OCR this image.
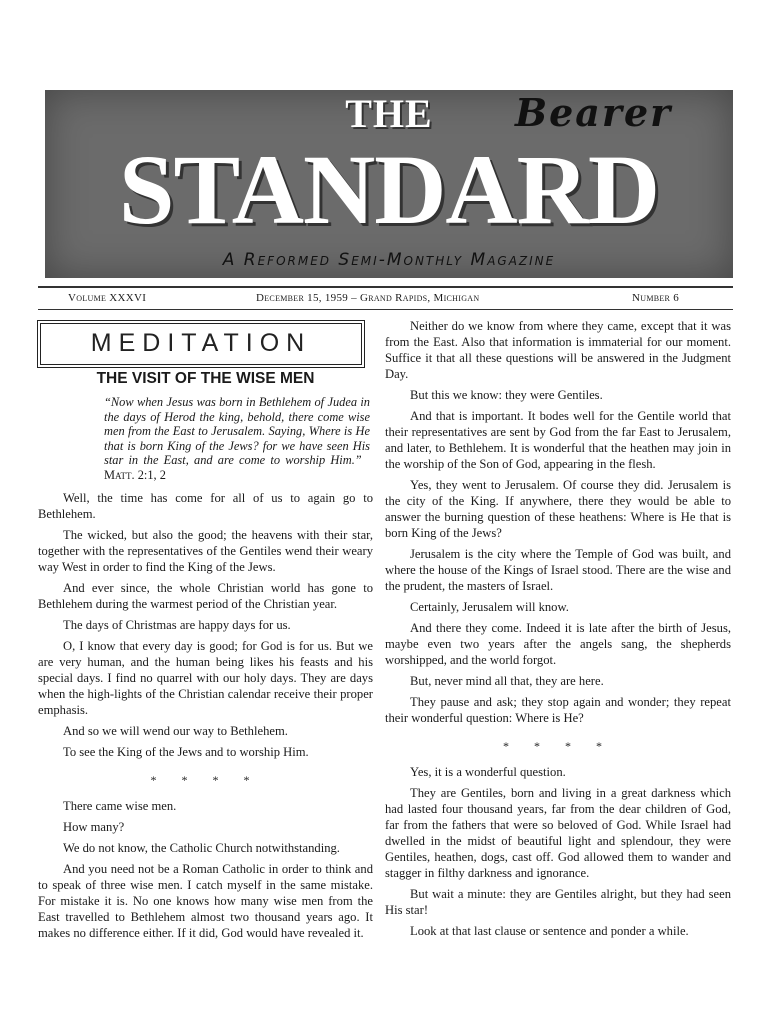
THE	Bearer
STANDARD
A Reformed Semi-Monthly Magazine
Volume XXXVI	December 15, 1959 – Grand Rapids, Michigan	Number 6
MEDITATION
THE VISIT OF THE WISE MEN
“Now when Jesus was born in Bethlehem of Judea in the days of Herod the king, behold, there come wise men from the East to Jerusalem. Saying, Where is He that is born King of the Jews? for we have seen His star in the East, and are come to worship Him.”   Matt. 2:1, 2

Well, the time has come for all of us to again go to Bethlehem.

The wicked, but also the good; the heavens with their star, together with the representatives of the Gentiles wend their weary way West in order to find the King of the Jews.

And ever since, the whole Christian world has gone to Bethlehem during the warmest period of the Christian year.

The days of Christmas are happy days for us.

O, I know that every day is good; for God is for us. But we are very human, and the human being likes his feasts and his special days. I find no quarrel with our holy days. They are days when the high-lights of the Christian calendar receive their proper emphasis.

And so we will wend our way to Bethlehem.

To see the King of the Jews and to worship Him.

* * * *

There came wise men.

How many?

We do not know, the Catholic Church notwithstanding.

And you need not be a Roman Catholic in order to think and to speak of three wise men. I catch myself in the same mistake. For mistake it is. No one knows how many wise men from the East travelled to Bethlehem almost two thousand years ago. It makes no difference either. If it did, God would have revealed it.

Neither do we know from where they came, except that it was from the East. Also that information is immaterial for our moment. Suffice it that all these questions will be answered in the Judgment Day.

But this we know: they were Gentiles.

And that is important. It bodes well for the Gentile world that their representatives are sent by God from the far East to Jerusalem, and later, to Bethlehem. It is wonderful that the heathen may join in the worship of the Son of God, appearing in the flesh.

Yes, they went to Jerusalem. Of course they did. Jerusalem is the city of the King. If anywhere, there they would be able to answer the burning question of these heathens: Where is He that is born King of the Jews?

Jerusalem is the city where the Temple of God was built, and where the house of the Kings of Israel stood. There are the wise and the prudent, the masters of Israel.

Certainly, Jerusalem will know.

And there they come. Indeed it is late after the birth of Jesus, maybe even two years after the angels sang, the shepherds worshipped, and the world forgot.

But, never mind all that, they are here.

They pause and ask; they stop again and wonder; they repeat their wonderful question: Where is He?

* * * *

Yes, it is a wonderful question.

They are Gentiles, born and living in a great darkness which had lasted four thousand years, far from the dear children of God, far from the fathers that were so beloved of God. While Israel had dwelled in the midst of beautiful light and splendour, they were Gentiles, heathen, dogs, cast off. God allowed them to wander and stagger in filthy darkness and ignorance.

But wait a minute: they are Gentiles alright, but they had seen His star!

Look at that last clause or sentence and ponder a while.
